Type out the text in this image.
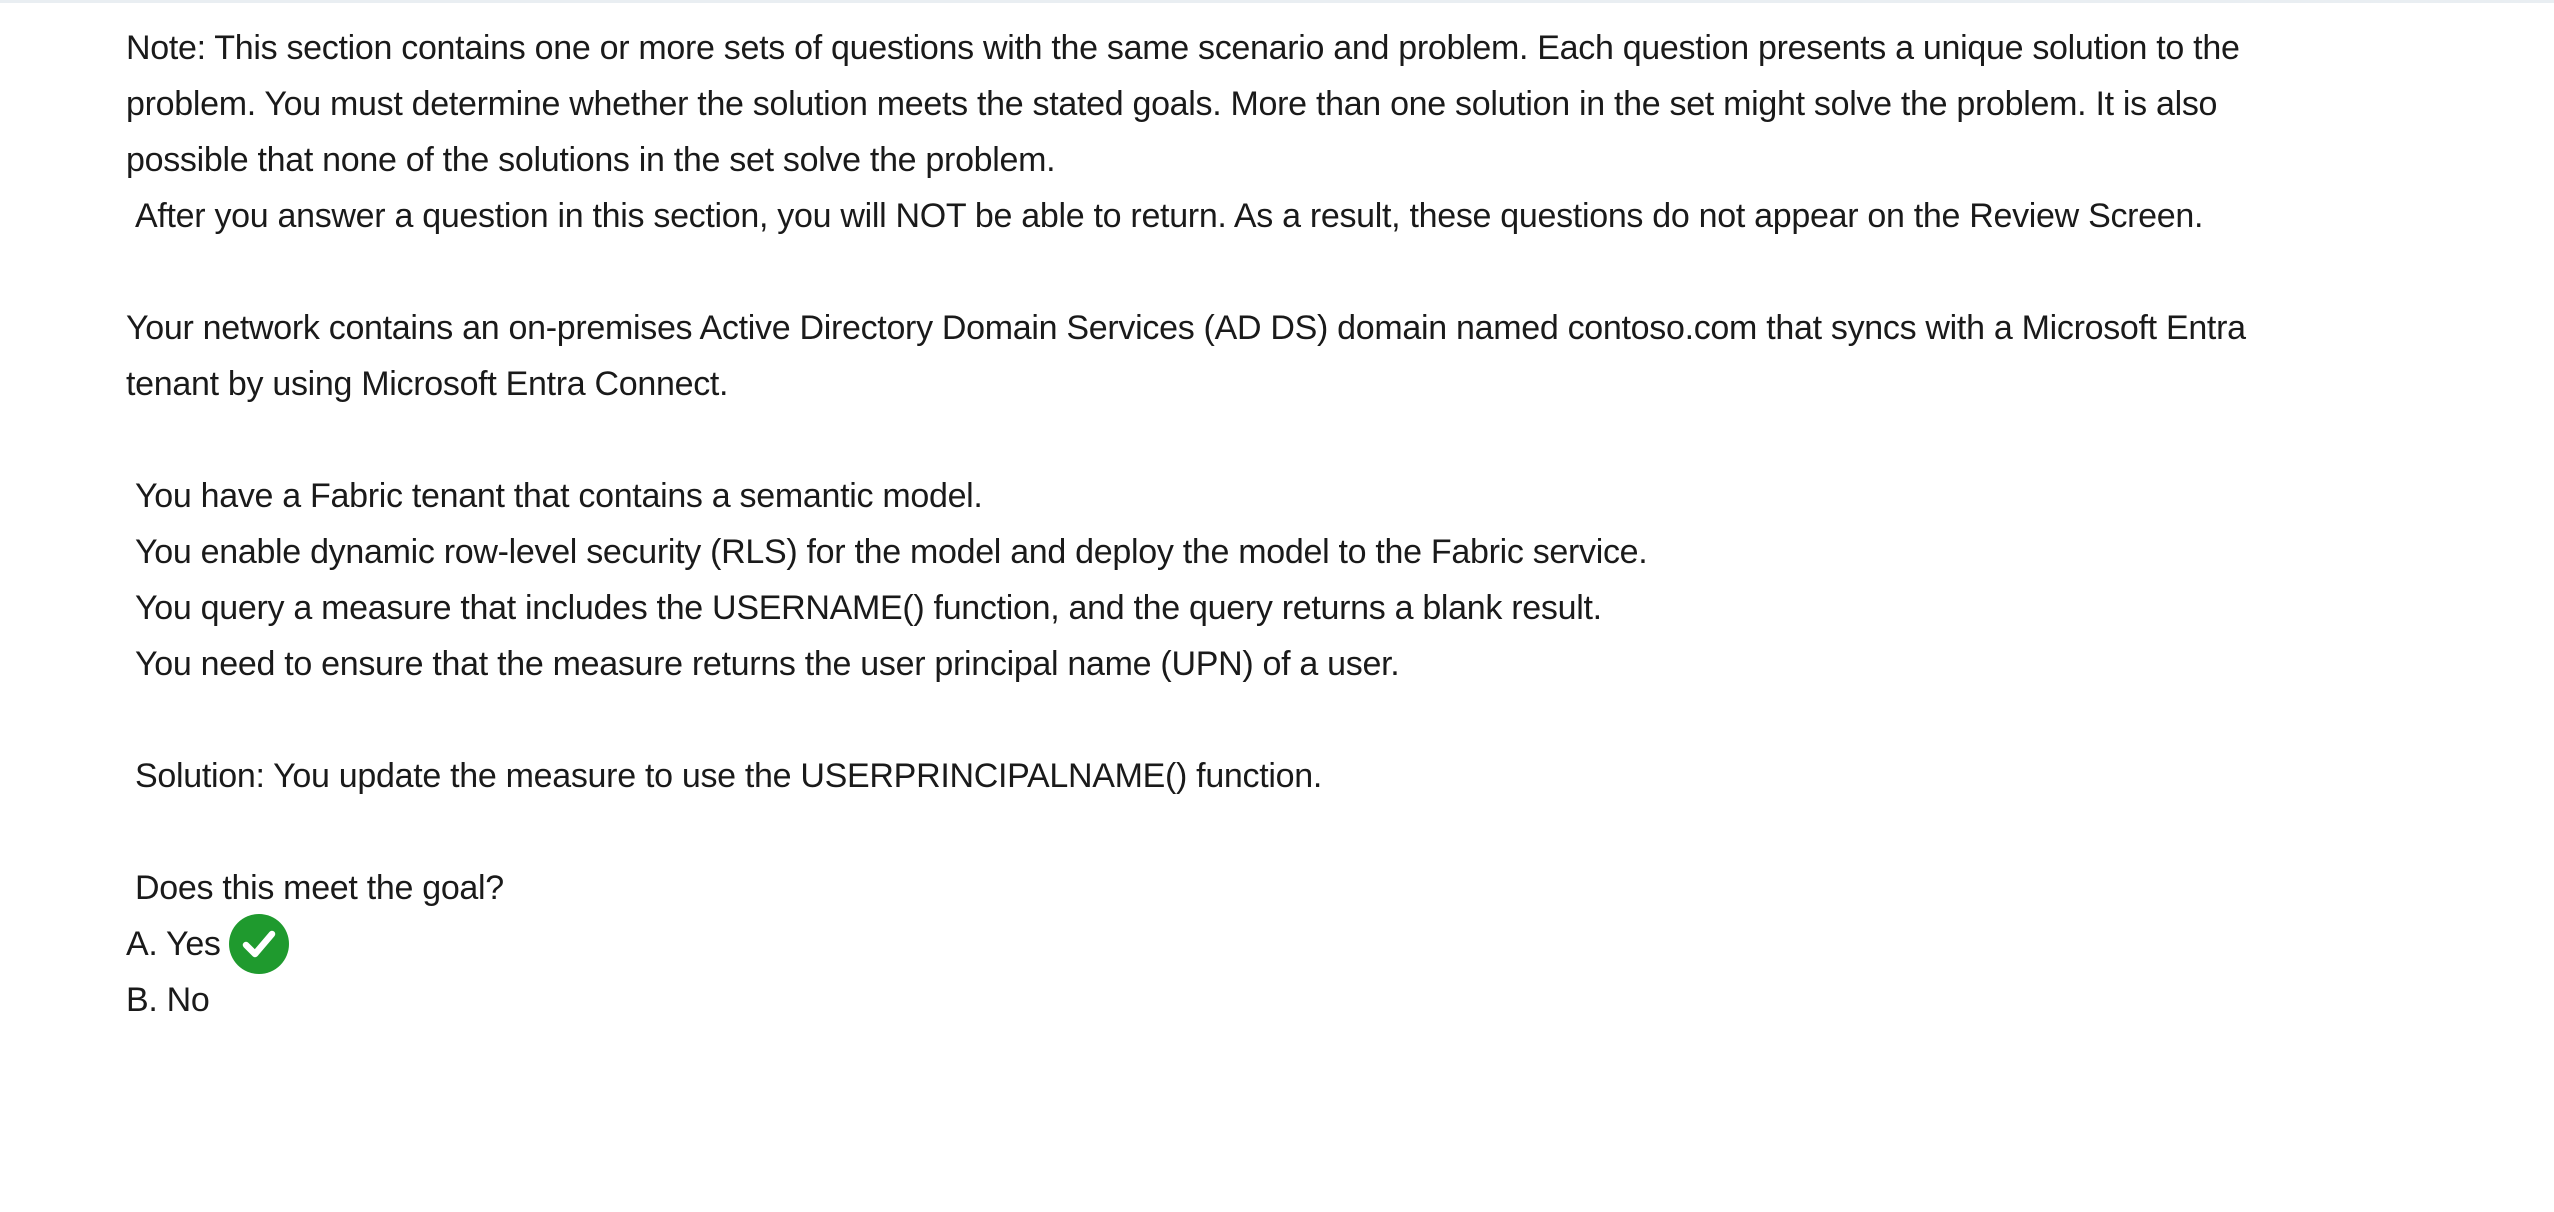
Note: This section contains one or more sets of questions with the same scenario and problem. Each question presents a unique solution to the

problem. You must determine whether the solution meets the stated goals. More than one solution in the set might solve the problem. It is also

possible that none of the solutions in the set solve the problem.

After you answer a question in this section, you will NOT be able to return. As a result, these questions do not appear on the Review Screen.

Your network contains an on-premises Active Directory Domain Services (AD DS) domain named contoso.com that syncs with a Microsoft Entra

tenant by using Microsoft Entra Connect.

You have a Fabric tenant that contains a semantic model.

You enable dynamic row-level security (RLS) for the model and deploy the model to the Fabric service.

You query a measure that includes the USERNAME() function, and the query returns a blank result.

You need to ensure that the measure returns the user principal name (UPN) of a user.

Solution: You update the measure to use the USERPRINCIPALNAME() function.

Does this meet the goal?

A. Yes
B. No
